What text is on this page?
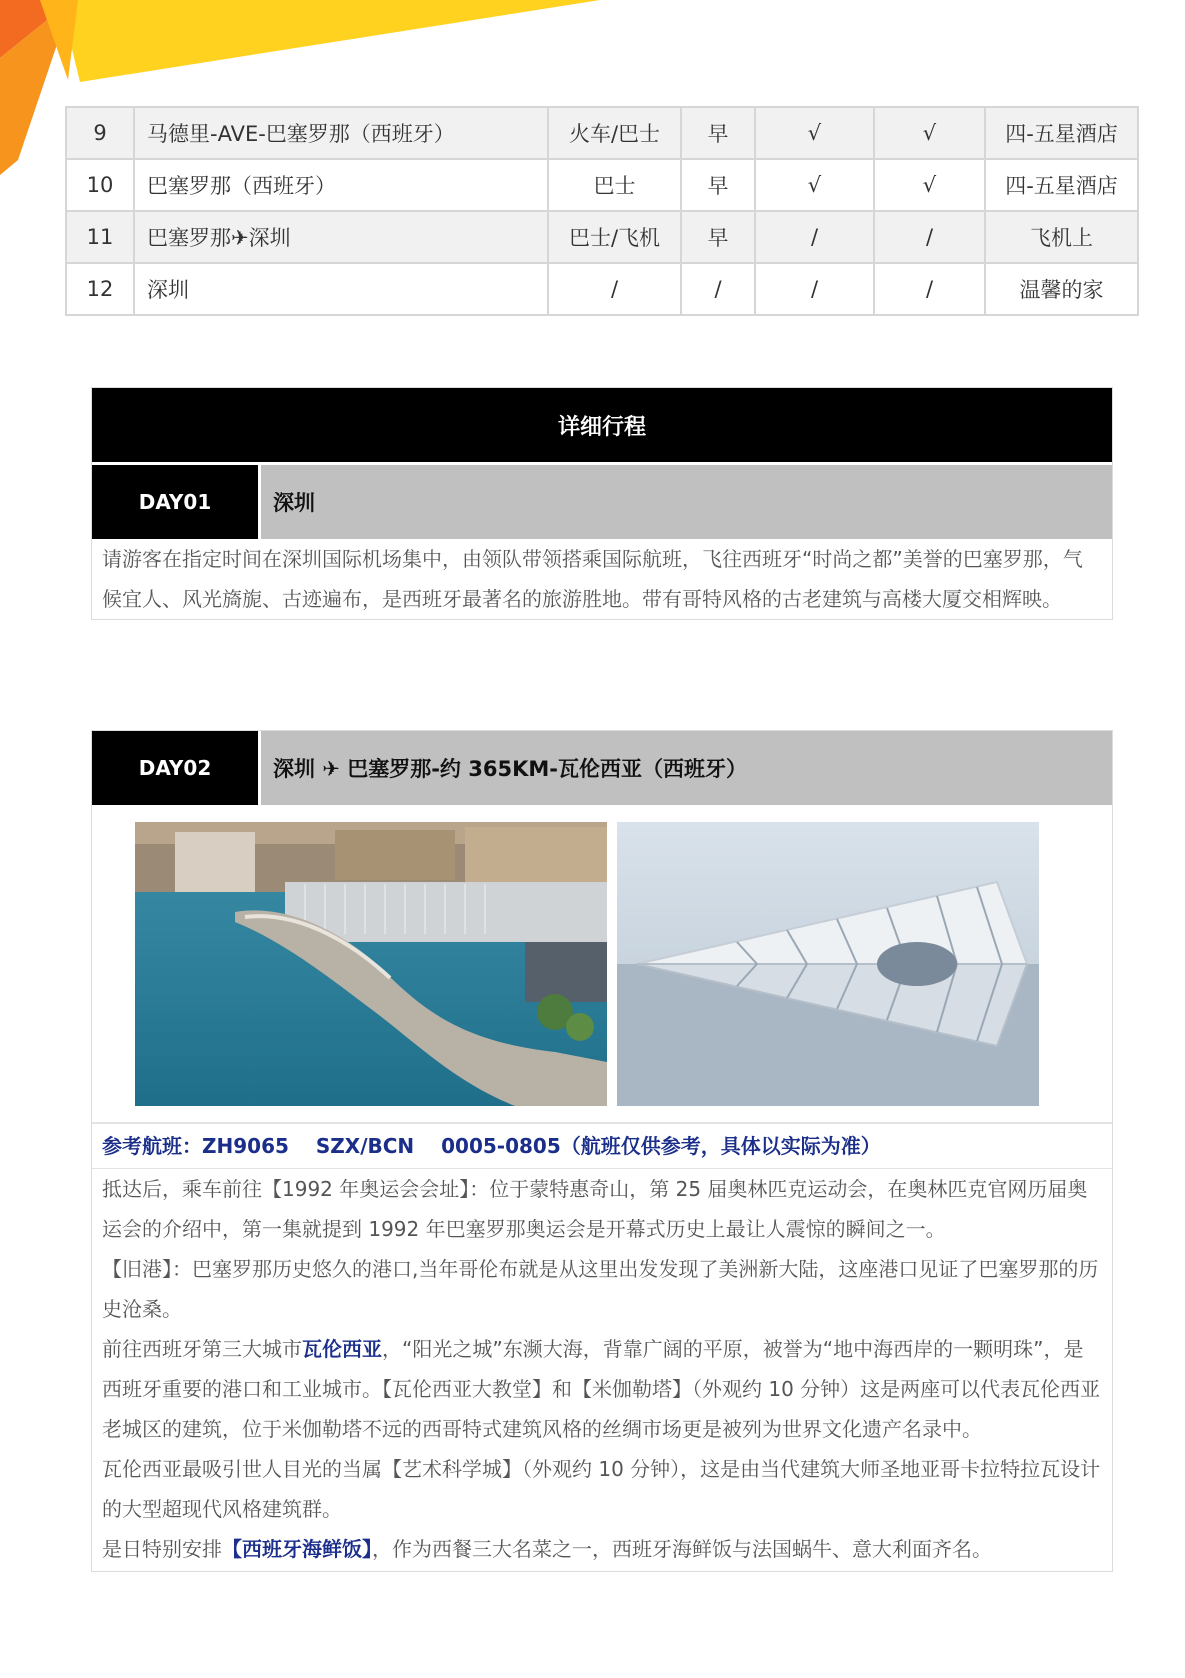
9	马德里-AVE-巴塞罗那（西班牙）	火车/巴士	早	√	√	四-五星酒店
10	巴塞罗那（西班牙）	巴士	早	√	√	四-五星酒店
11	巴塞罗那✈深圳	巴士/飞机	早	/	/	飞机上
12	深圳	/	/	/	/	温馨的家
详细行程
DAY01	深圳
请游客在指定时间在深圳国际机场集中，由领队带领搭乘国际航班，飞往西班牙“时尚之都”美誉的巴塞罗那，气候宜人、风光旖旎、古迹遍布，是西班牙最著名的旅游胜地。带有哥特风格的古老建筑与高楼大厦交相辉映。
DAY02	深圳 ✈ 巴塞罗那-约 365KM-瓦伦西亚（西班牙）
参考航班：ZH9065　 SZX/BCN　 0005-0805（航班仅供参考，具体以实际为准）
抵达后，乘车前往【1992 年奥运会会址】：位于蒙特惠奇山，第 25 届奥林匹克运动会，在奥林匹克官网历届奥运会的介绍中，第一集就提到 1992 年巴塞罗那奥运会是开幕式历史上最让人震惊的瞬间之一。
【旧港】：巴塞罗那历史悠久的港口,当年哥伦布就是从这里出发发现了美洲新大陆，这座港口见证了巴塞罗那的历史沧桑。
前往西班牙第三大城市瓦伦西亚，“阳光之城”东濒大海，背靠广阔的平原，被誉为“地中海西岸的一颗明珠”，是西班牙重要的港口和工业城市。【瓦伦西亚大教堂】和【米伽勒塔】（外观约 10 分钟）这是两座可以代表瓦伦西亚老城区的建筑，位于米伽勒塔不远的西哥特式建筑风格的丝绸市场更是被列为世界文化遗产名录中。
瓦伦西亚最吸引世人目光的当属【艺术科学城】（外观约 10 分钟），这是由当代建筑大师圣地亚哥卡拉特拉瓦设计的大型超现代风格建筑群。
是日特别安排【西班牙海鲜饭】，作为西餐三大名菜之一，西班牙海鲜饭与法国蜗牛、意大利面齐名。
